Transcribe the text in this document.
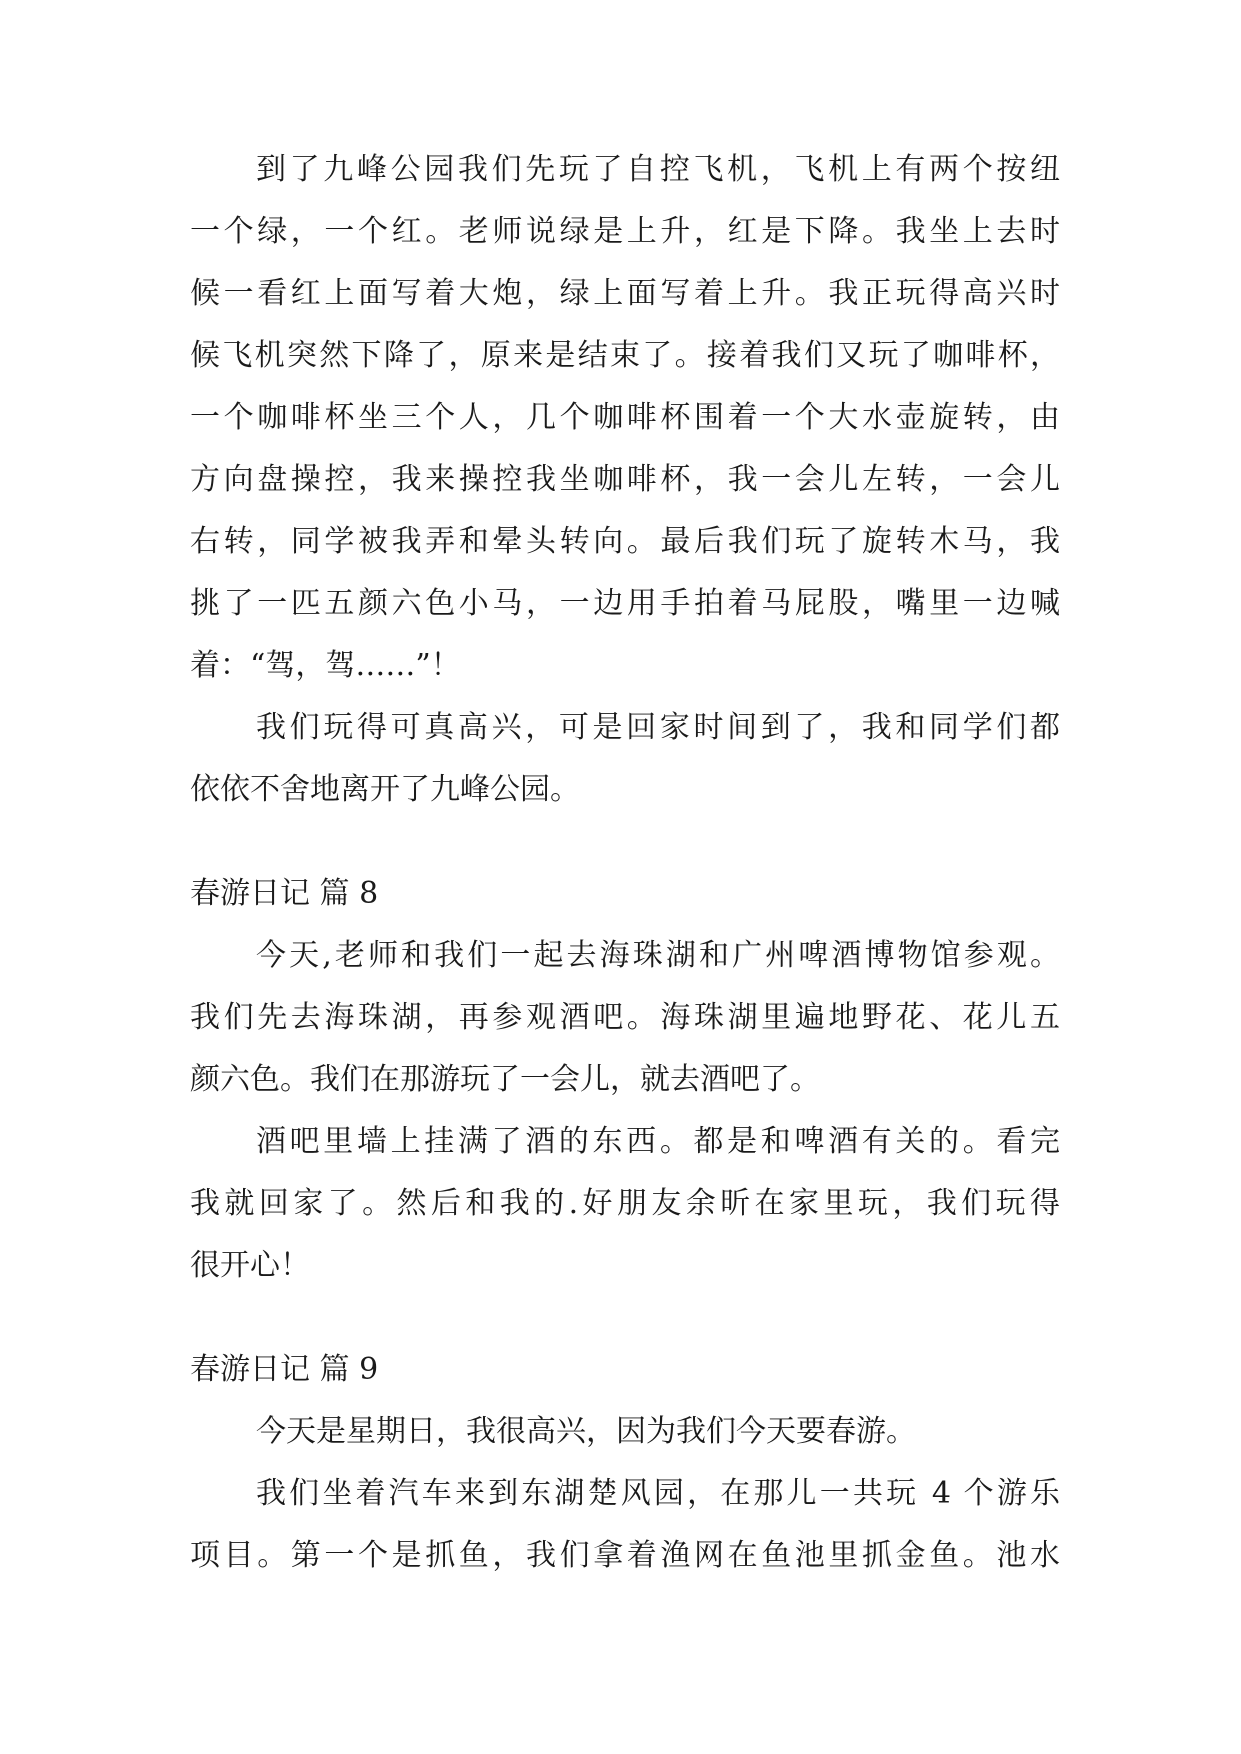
到了九峰公园我们先玩了自控飞机，飞机上有两个按纽
一个绿，一个红。老师说绿是上升，红是下降。我坐上去时
候一看红上面写着大炮，绿上面写着上升。我正玩得高兴时
候飞机突然下降了，原来是结束了。接着我们又玩了咖啡杯，
一个咖啡杯坐三个人，几个咖啡杯围着一个大水壶旋转，由
方向盘操控，我来操控我坐咖啡杯，我一会儿左转，一会儿
右转，同学被我弄和晕头转向。最后我们玩了旋转木马，我
挑了一匹五颜六色小马，一边用手拍着马屁股，嘴里一边喊
着：“驾，驾……”！
我们玩得可真高兴，可是回家时间到了，我和同学们都
依依不舍地离开了九峰公园。
春游日记 篇 8
今天,老师和我们一起去海珠湖和广州啤酒博物馆参观。
我们先去海珠湖，再参观酒吧。海珠湖里遍地野花、花儿五
颜六色。我们在那游玩了一会儿，就去酒吧了。
酒吧里墙上挂满了酒的东西。都是和啤酒有关的。看完
我就回家了。然后和我的.好朋友余昕在家里玩，我们玩得
很开心！
春游日记 篇 9
今天是星期日，我很高兴，因为我们今天要春游。
我们坐着汽车来到东湖楚风园，在那儿一共玩 4 个游乐
项目。第一个是抓鱼，我们拿着渔网在鱼池里抓金鱼。池水
